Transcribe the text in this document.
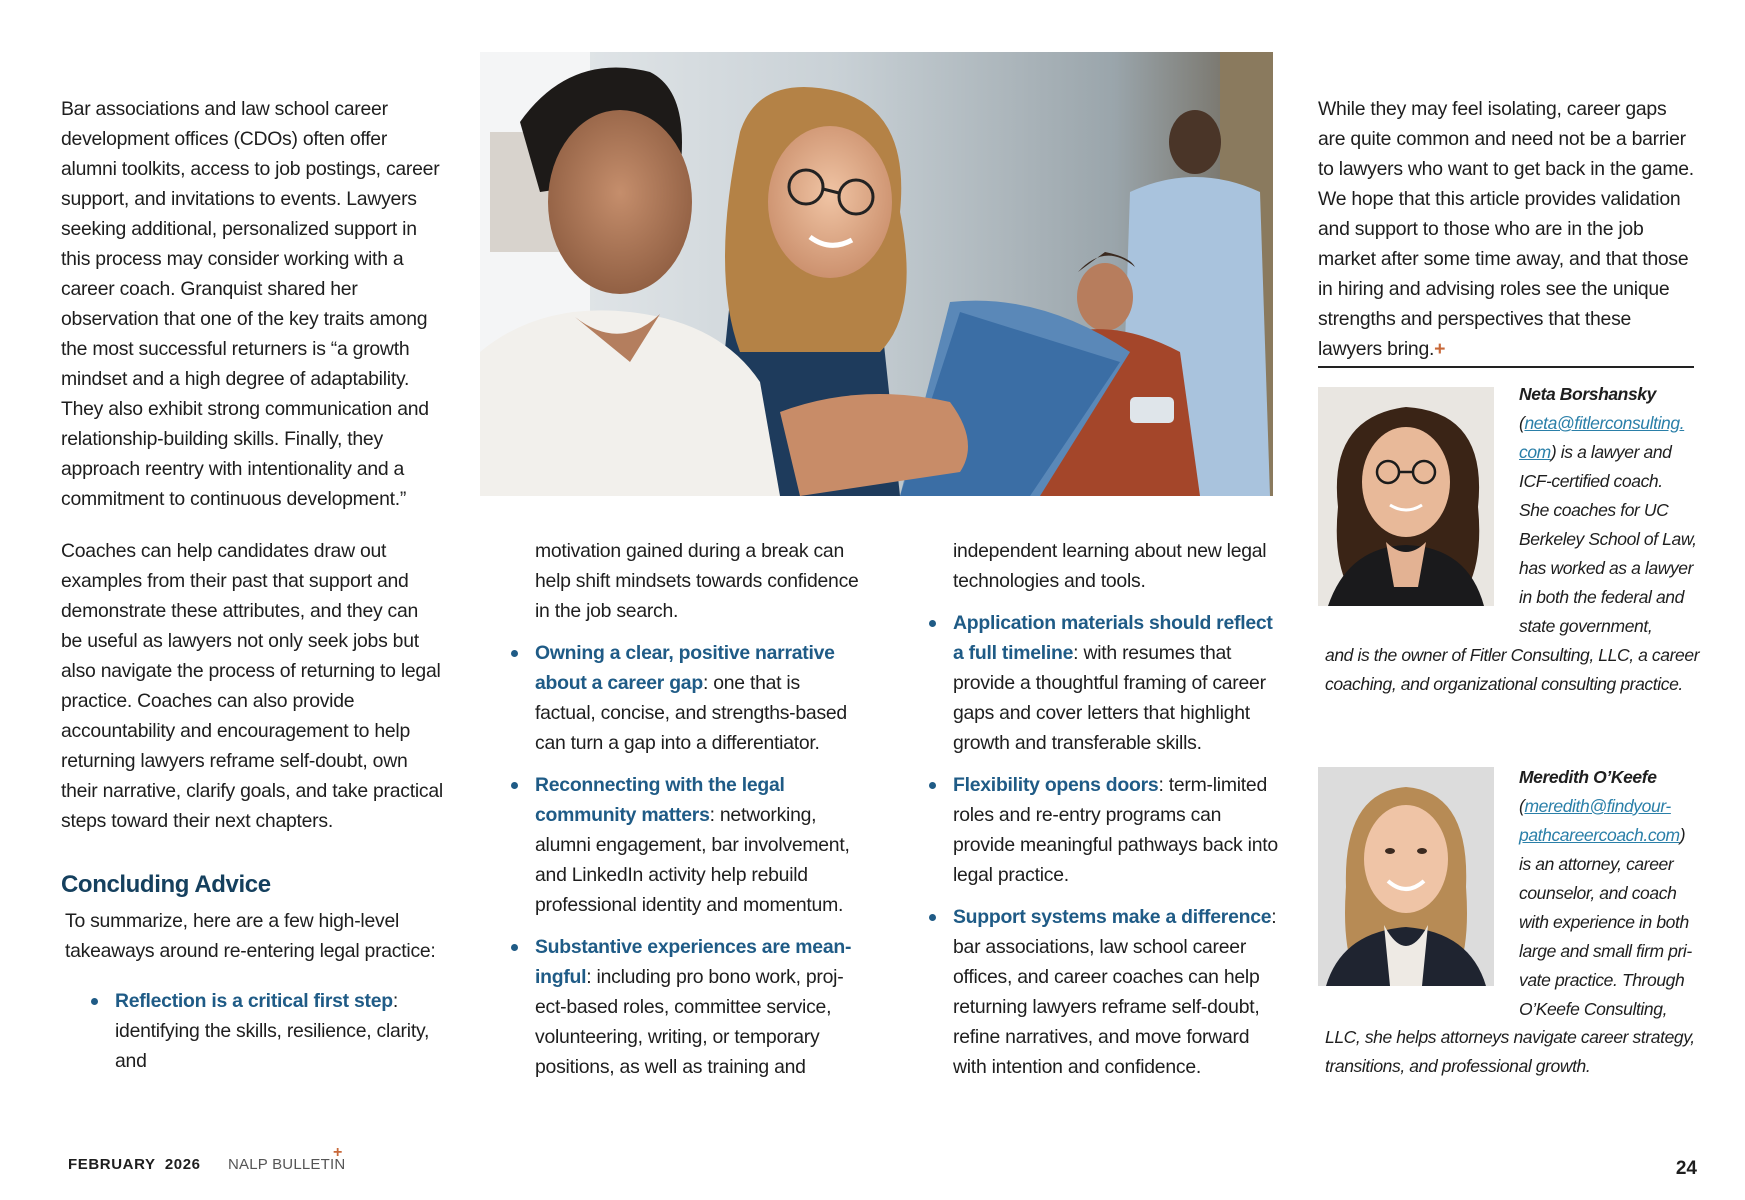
Bar associations and law school career development offices (CDOs) often offer alumni toolkits, access to job postings, career support, and invitations to events. Lawyers seeking additional, personalized support in this process may consider working with a career coach. Granquist shared her observation that one of the key traits among the most successful returners is “a growth mindset and a high degree of adaptability. They also exhibit strong communication and relationship-building skills. Finally, they approach reentry with intentionality and a commitment to continuous development.”

Coaches can help candidates draw out examples from their past that support and demonstrate these attributes, and they can be useful as lawyers not only seek jobs but also navigate the process of returning to legal practice. Coaches can also provide accountability and encouragement to help returning lawyers reframe self-doubt, own their narrative, clarify goals, and take practical steps toward their next chapters.

Concluding Advice

To summarize, here are a few high-level takeaways around re-entering legal practice:

Reflection is a critical first step: identifying the skills, resilience, clarity, and

motivation gained during a break can help shift mindsets towards confidence in the job search.

Owning a clear, positive narrative about a career gap: one that is factual, concise, and strengths-based can turn a gap into a differentiator.
Reconnecting with the legal community matters: networking, alumni engagement, bar involvement, and LinkedIn activity help rebuild professional identity and momentum.
Substantive experiences are meaningful: including pro bono work, project-based roles, committee service, volunteering, writing, or temporary positions, as well as training and

independent learning about new legal technologies and tools.

Application materials should reflect a full timeline: with resumes that provide a thoughtful framing of career gaps and cover letters that highlight growth and transferable skills.
Flexibility opens doors: term-limited roles and re-entry programs can provide meaningful pathways back into legal practice.
Support systems make a difference: bar associations, law school career offices, and career coaches can help returning lawyers reframe self-doubt, refine narratives, and move forward with intention and confidence.

While they may feel isolating, career gaps are quite common and need not be a barrier to lawyers who want to get back in the game. We hope that this article provides validation and support to those who are in the job market after some time away, and that those in hiring and advising roles see the unique strengths and perspectives that these lawyers bring.+

Neta Borshansky
(neta@fitlerconsulting.
com) is a lawyer and
ICF-certified coach.
She coaches for UC
Berkeley School of Law,
has worked as a lawyer
in both the federal and
state government,
and is the owner of Fitler Consulting, LLC, a career
coaching, and organizational consulting practice.
Meredith O’Keefe
(meredith@findyour-
pathcareercoach.com)
is an attorney, career
counselor, and coach
with experience in both
large and small firm pri-
vate practice. Through
O’Keefe Consulting,
LLC, she helps attorneys navigate career strategy,
transitions, and professional growth.
FEBRUARY  2026 NALP BULLETIN
+
24
